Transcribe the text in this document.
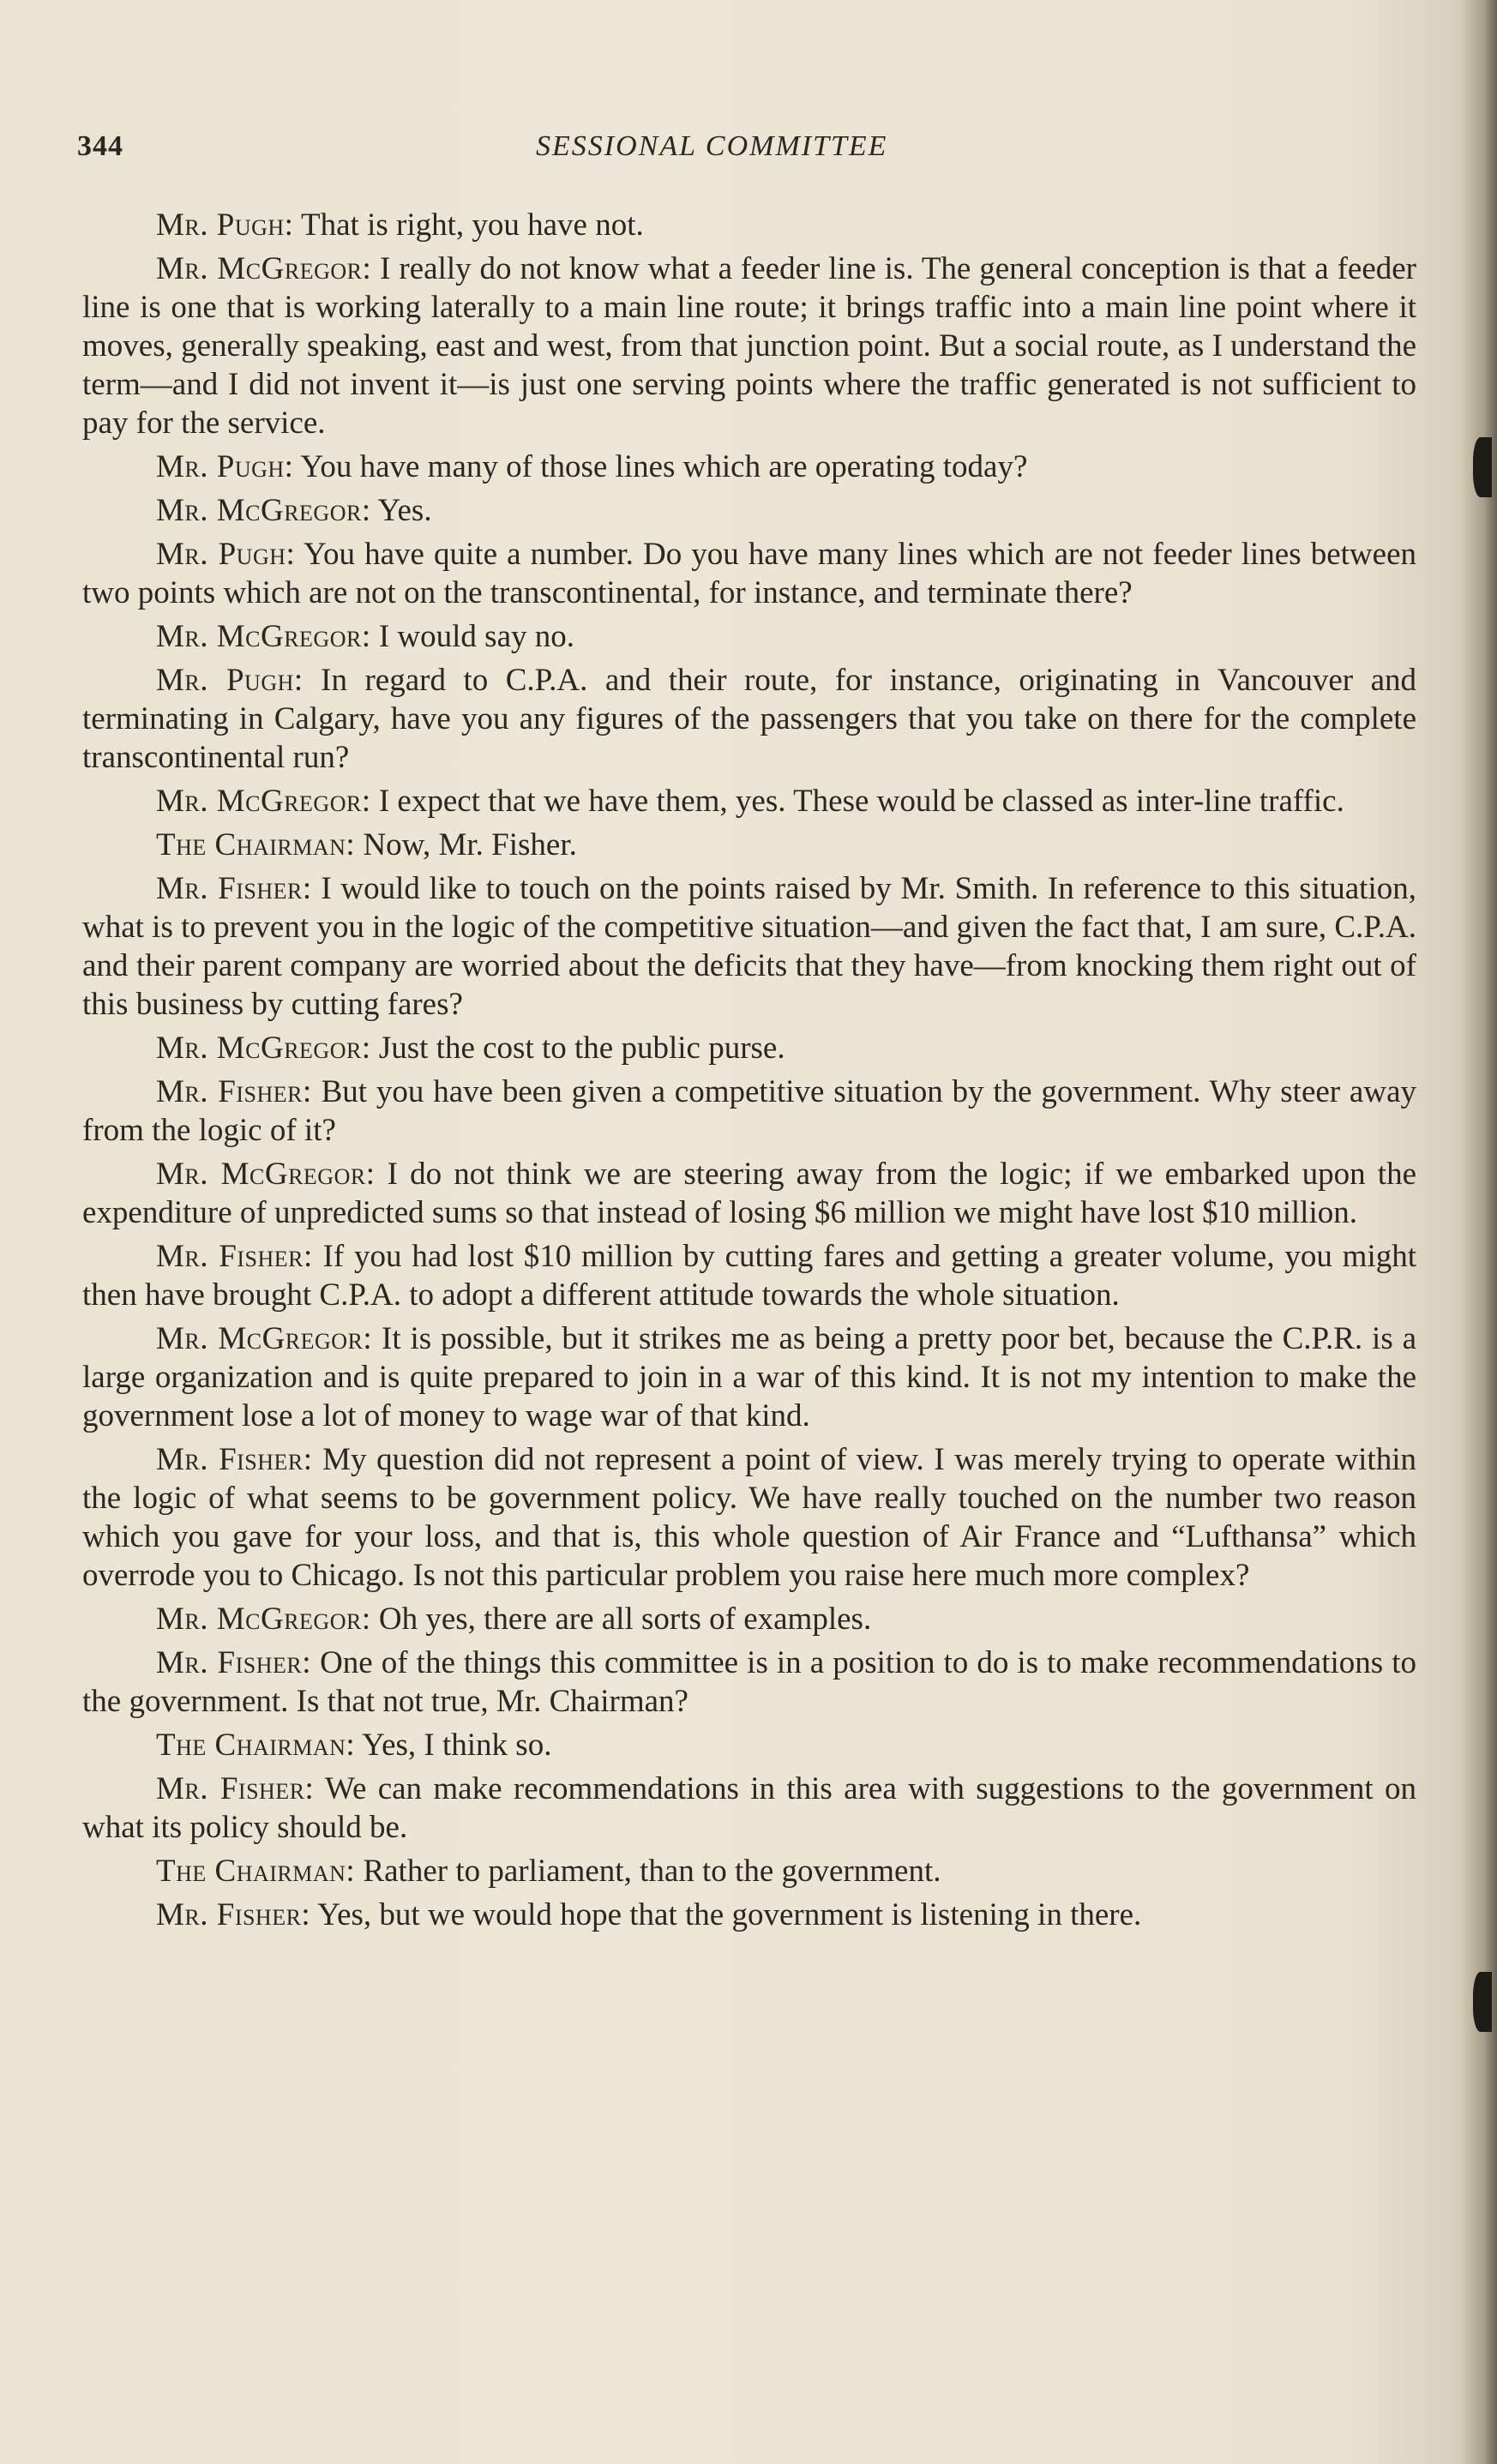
344	SESSIONAL COMMITTEE

Mr. Pugh: That is right, you have not.

Mr. McGregor: I really do not know what a feeder line is. The general conception is that a feeder line is one that is working laterally to a main line route; it brings traffic into a main line point where it moves, generally speaking, east and west, from that junction point. But a social route, as I understand the term—and I did not invent it—is just one serving points where the traffic generated is not sufficient to pay for the service.

Mr. Pugh: You have many of those lines which are operating today?

Mr. McGregor: Yes.

Mr. Pugh: You have quite a number. Do you have many lines which are not feeder lines between two points which are not on the transcontinental, for instance, and terminate there?

Mr. McGregor: I would say no.

Mr. Pugh: In regard to C.P.A. and their route, for instance, originating in Vancouver and terminating in Calgary, have you any figures of the passengers that you take on there for the complete transcontinental run?

Mr. McGregor: I expect that we have them, yes. These would be classed as inter-line traffic.

The Chairman: Now, Mr. Fisher.

Mr. Fisher: I would like to touch on the points raised by Mr. Smith. In reference to this situation, what is to prevent you in the logic of the competitive situation—and given the fact that, I am sure, C.P.A. and their parent company are worried about the deficits that they have—from knocking them right out of this business by cutting fares?

Mr. McGregor: Just the cost to the public purse.

Mr. Fisher: But you have been given a competitive situation by the government. Why steer away from the logic of it?

Mr. McGregor: I do not think we are steering away from the logic; if we embarked upon the expenditure of unpredicted sums so that instead of losing $6 million we might have lost $10 million.

Mr. Fisher: If you had lost $10 million by cutting fares and getting a greater volume, you might then have brought C.P.A. to adopt a different attitude towards the whole situation.

Mr. McGregor: It is possible, but it strikes me as being a pretty poor bet, because the C.P.R. is a large organization and is quite prepared to join in a war of this kind. It is not my intention to make the government lose a lot of money to wage war of that kind.

Mr. Fisher: My question did not represent a point of view. I was merely trying to operate within the logic of what seems to be government policy. We have really touched on the number two reason which you gave for your loss, and that is, this whole question of Air France and “Lufthansa” which overrode you to Chicago. Is not this particular problem you raise here much more complex?

Mr. McGregor: Oh yes, there are all sorts of examples.

Mr. Fisher: One of the things this committee is in a position to do is to make recommendations to the government. Is that not true, Mr. Chairman?

The Chairman: Yes, I think so.

Mr. Fisher: We can make recommendations in this area with suggestions to the government on what its policy should be.

The Chairman: Rather to parliament, than to the government.

Mr. Fisher: Yes, but we would hope that the government is listening in there.
